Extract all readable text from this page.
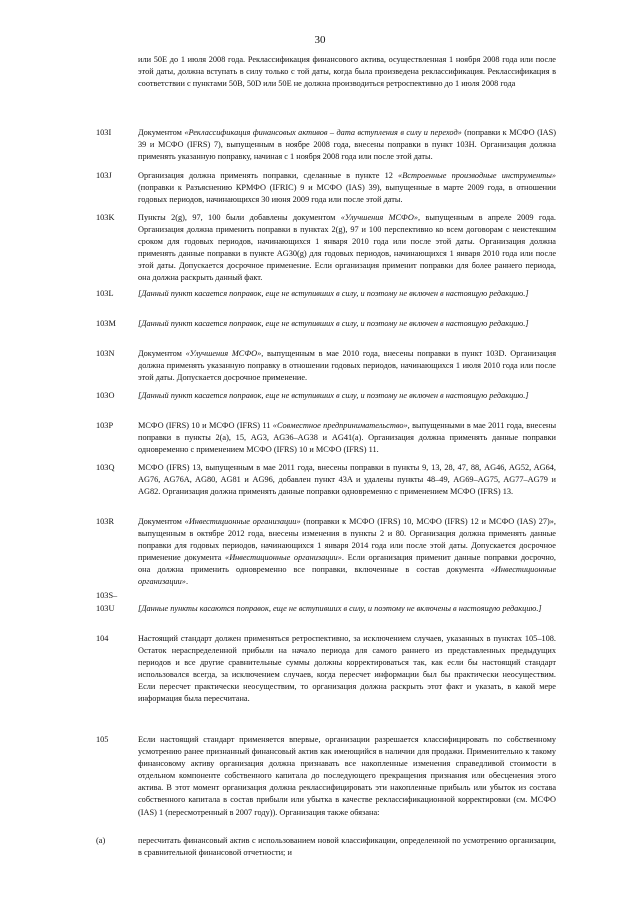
30

или 50E до 1 июля 2008 года. Реклассификация финансового актива, осуществленная 1 ноября 2008 года или после этой даты, должна вступать в силу только с той даты, когда была произведена реклассификация. Реклассификация в соответствии с пунктами 50B, 50D или 50E не должна производиться ретроспективно до 1 июля 2008 года

103I	Документом «Реклассификация финансовых активов – дата вступления в силу и переход» (поправки к МСФО (IAS) 39 и МСФО (IFRS) 7), выпущенным в ноябре 2008 года, внесены поправки в пункт 103H. Организация должна применять указанную поправку, начиная с 1 ноября 2008 года или после этой даты.
103J	Организация должна применять поправки, сделанные в пункте 12 «Встроенные производные инструменты» (поправки к Разъяснению КРМФО (IFRIC) 9 и МСФО (IAS) 39), выпущенные в марте 2009 года, в отношении годовых периодов, начинающихся 30 июня 2009 года или после этой даты.
103K	Пункты 2(g), 97, 100 были добавлены документом «Улучшения МСФО», выпущенным в апреле 2009 года. Организация должна применить поправки в пунктах 2(g), 97 и 100 перспективно ко всем договорам с неистекшим сроком для годовых периодов, начинающихся 1 января 2010 года или после этой даты. Организация должна применять данные поправки в пункте AG30(g) для годовых периодов, начинающихся 1 января 2010 года или после этой даты. Допускается досрочное применение. Если организация применит поправки для более раннего периода, она должна раскрыть данный факт.
103L	[Данный пункт касается поправок, еще не вступивших в силу, и поэтому не включен в настоящую редакцию.]
103M	[Данный пункт касается поправок, еще не вступивших в силу, и поэтому не включен в настоящую редакцию.]
103N	Документом «Улучшения МСФО», выпущенным в мае 2010 года, внесены поправки в пункт 103D. Организация должна применять указанную поправку в отношении годовых периодов, начинающихся 1 июля 2010 года или после этой даты. Допускается досрочное применение.
103O	[Данный пункт касается поправок, еще не вступивших в силу, и поэтому не включен в настоящую редакцию.]
103P	МСФО (IFRS) 10 и МСФО (IFRS) 11 «Совместное предпринимательство», выпущенными в мае 2011 года, внесены поправки в пункты 2(а), 15, AG3, AG36–AG38 и AG41(a). Организация должна применять данные поправки одновременно с применением МСФО (IFRS) 10 и МСФО (IFRS) 11.
103Q	МСФО (IFRS) 13, выпущенным в мае 2011 года, внесены поправки в пункты 9, 13, 28, 47, 88, AG46, AG52, AG64, AG76, AG76A, AG80, AG81 и AG96, добавлен пункт 43A и удалены пункты 48–49, AG69–AG75, AG77–AG79 и AG82. Организация должна применять данные поправки одновременно с применением МСФО (IFRS) 13.
103R	Документом «Инвестиционные организации» (поправки к МСФО (IFRS) 10, МСФО (IFRS) 12 и МСФО (IAS) 27)», выпущенным в октябре 2012 года, внесены изменения в пункты 2 и 80. Организация должна применять данные поправки для годовых периодов, начинающихся 1 января 2014 года или после этой даты. Допускается досрочное применение документа «Инвестиционные организации». Если организация применит данные поправки досрочно, она должна применить одновременно все поправки, включенные в состав документа «Инвестиционные организации».
103S–
103U	[Данные пункты касаются поправок, еще не вступивших в силу, и поэтому не включены в настоящую редакцию.]
104	Настоящий стандарт должен применяться ретроспективно, за исключением случаев, указанных в пунктах 105–108. Остаток нераспределенной прибыли на начало периода для самого раннего из представленных предыдущих периодов и все другие сравнительные суммы должны корректироваться так, как если бы настоящий стандарт использовался всегда, за исключением случаев, когда пересчет информации был бы практически неосуществим. Если пересчет практически неосуществим, то организация должна раскрыть этот факт и указать, в какой мере информация была пересчитана.
105	Если настоящий стандарт применяется впервые, организации разрешается классифицировать по собственному усмотрению ранее признанный финансовый актив как имеющийся в наличии для продажи. Применительно к такому финансовому активу организация должна признавать все накопленные изменения справедливой стоимости в отдельном компоненте собственного капитала до последующего прекращения признания или обесценения этого актива. В этот момент организация должна реклассифицировать эти накопленные прибыль или убыток из состава собственного капитала в состав прибыли или убытка в качестве реклассификационной корректировки (см. МСФО (IAS) 1 (пересмотренный в 2007 году)). Организация также обязана:
(a)	пересчитать финансовый актив с использованием новой классификации, определенной по усмотрению организации, в сравнительной финансовой отчетности; и
